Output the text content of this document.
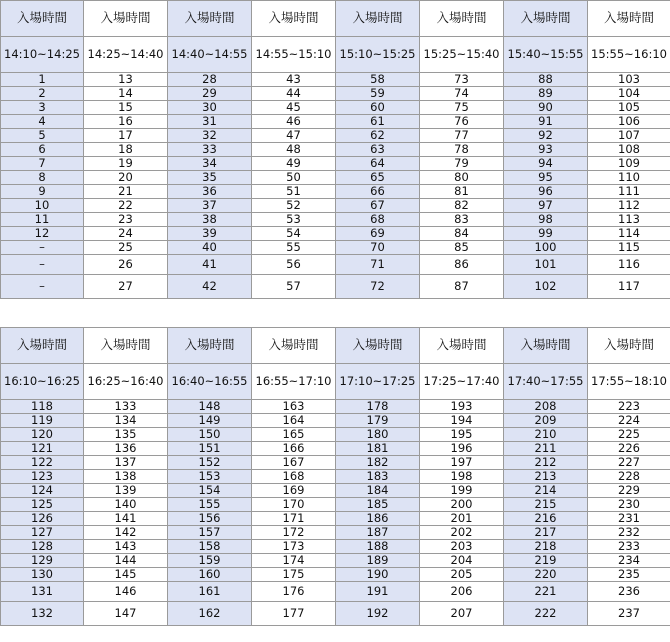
入場時間	入場時間	入場時間	入場時間	入場時間	入場時間	入場時間	入場時間
14:10~14:25	14:25~14:40	14:40~14:55	14:55~15:10	15:10~15:25	15:25~15:40	15:40~15:55	15:55~16:10
1	13	28	43	58	73	88	103
2	14	29	44	59	74	89	104
3	15	30	45	60	75	90	105
4	16	31	46	61	76	91	106
5	17	32	47	62	77	92	107
6	18	33	48	63	78	93	108
7	19	34	49	64	79	94	109
8	20	35	50	65	80	95	110
9	21	36	51	66	81	96	111
10	22	37	52	67	82	97	112
11	23	38	53	68	83	98	113
12	24	39	54	69	84	99	114
–	25	40	55	70	85	100	115
–	26	41	56	71	86	101	116
–	27	42	57	72	87	102	117
入場時間	入場時間	入場時間	入場時間	入場時間	入場時間	入場時間	入場時間
16:10~16:25	16:25~16:40	16:40~16:55	16:55~17:10	17:10~17:25	17:25~17:40	17:40~17:55	17:55~18:10
118	133	148	163	178	193	208	223
119	134	149	164	179	194	209	224
120	135	150	165	180	195	210	225
121	136	151	166	181	196	211	226
122	137	152	167	182	197	212	227
123	138	153	168	183	198	213	228
124	139	154	169	184	199	214	229
125	140	155	170	185	200	215	230
126	141	156	171	186	201	216	231
127	142	157	172	187	202	217	232
128	143	158	173	188	203	218	233
129	144	159	174	189	204	219	234
130	145	160	175	190	205	220	235
131	146	161	176	191	206	221	236
132	147	162	177	192	207	222	237
